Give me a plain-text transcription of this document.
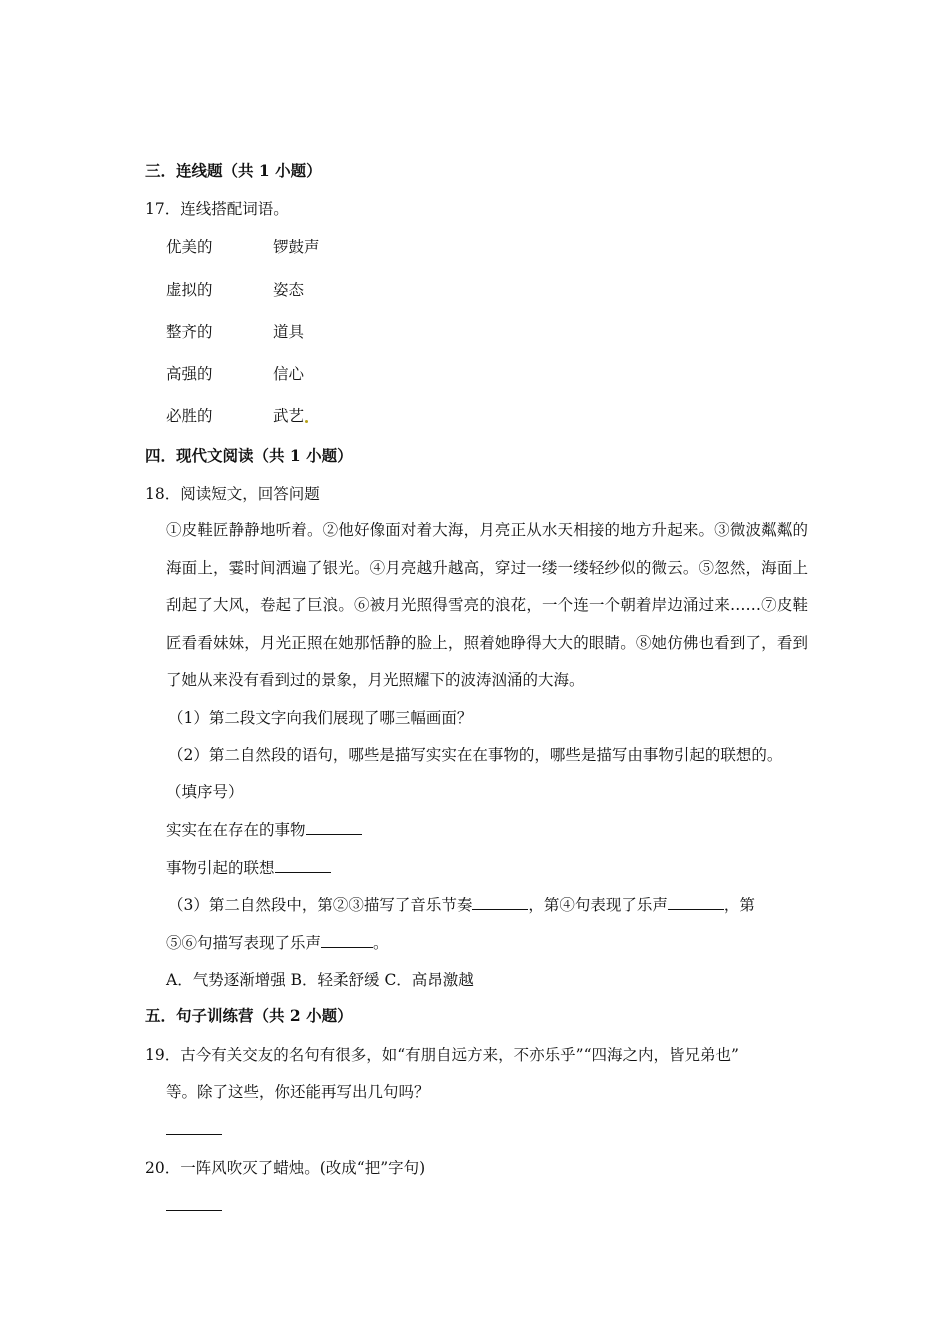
三．连线题（共 1 小题）
17．连线搭配词语。
优美的	锣鼓声
虚拟的	姿态
整齐的	道具
高强的	信心
必胜的	武艺
四．现代文阅读（共 1 小题）
18．阅读短文，回答问题
①皮鞋匠静静地听着。②他好像面对着大海，月亮正从水天相接的地方升起来。③微波粼粼的海面上，霎时间洒遍了银光。④月亮越升越高，穿过一缕一缕轻纱似的微云。⑤忽然，海面上刮起了大风，卷起了巨浪。⑥被月光照得雪亮的浪花，一个连一个朝着岸边涌过来……⑦皮鞋匠看看妹妹，月光正照在她那恬静的脸上，照着她睁得大大的眼睛。⑧她仿佛也看到了，看到了她从来没有看到过的景象，月光照耀下的波涛汹涌的大海。
（1）第二段文字向我们展现了哪三幅画面？
（2）第二自然段的语句，哪些是描写实实在在事物的，哪些是描写由事物引起的联想的。
（填序号）
实实在在存在的事物
事物引起的联想
（3）第二自然段中，第②③描写了音乐节奏	，第④句表现了乐声	，第
⑤⑥句描写表现了乐声	。
A．气势逐渐增强 B．轻柔舒缓 C．高昂激越
五．句子训练营（共 2 小题）
19．古今有关交友的名句有很多，如“有朋自远方来，不亦乐乎”“四海之内，皆兄弟也”
等。除了这些，你还能再写出几句吗？
20．一阵风吹灭了蜡烛。(改成“把”字句)
